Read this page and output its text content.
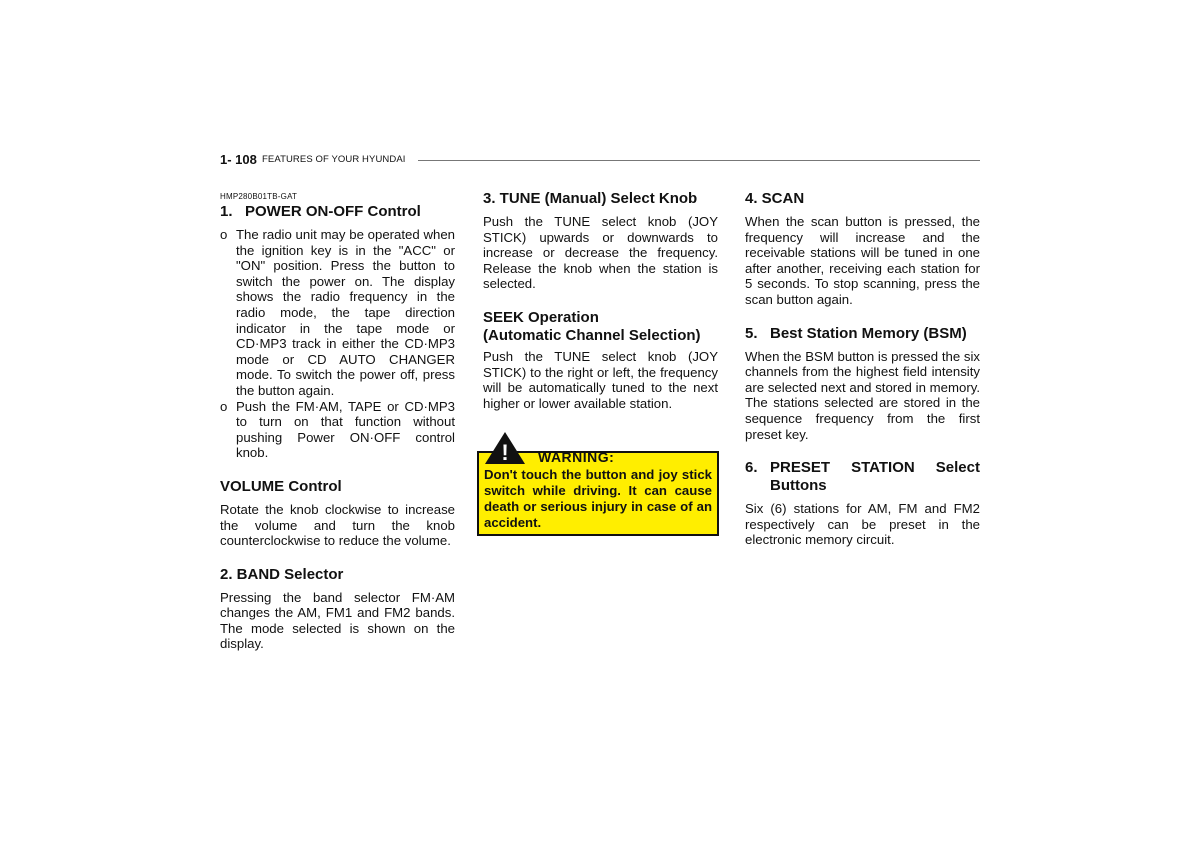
1- 108 FEATURES OF YOUR HYUNDAI
HMP280B01TB-GAT
1. POWER ON-OFF Control
o The radio unit may be operated when the ignition key is in the "ACC" or "ON" position. Press the button to switch the power on. The display shows the radio frequency in the radio mode, the tape direction indicator in the tape mode or CD·MP3 track in either the CD·MP3 mode or CD AUTO CHANGER mode. To switch the power off, press the button again.
o Push the FM·AM, TAPE or CD·MP3 to turn on that function without pushing Power ON·OFF control knob.
VOLUME Control

Rotate the knob clockwise to increase the volume and turn the knob counterclockwise to reduce the volume.

2. BAND Selector

Pressing the band selector FM·AM changes the AM, FM1 and FM2 bands. The mode selected is shown on the display.

3. TUNE (Manual) Select Knob

Push the TUNE select knob (JOY STICK) upwards or downwards to increase or decrease the frequency. Release the knob when the station is selected.

SEEK Operation
(Automatic Channel Selection)

Push the TUNE select knob (JOY STICK) to the right or left, the frequency will be automatically tuned to the next higher or lower available station.

! WARNING:
Don't touch the button and joy stick switch while driving. It can cause death or serious injury in case of an accident.
4. SCAN

When the scan button is pressed, the frequency will increase and the receivable stations will be tuned in one after another, receiving each station for 5 seconds. To stop scanning, press the scan button again.

5. Best Station Memory (BSM)

When the BSM button is pressed the six channels from the highest field intensity are selected next and stored in memory. The stations selected are stored in the sequence frequency from the first preset key.

6. PRESET STATION Select Buttons

Six (6) stations for AM, FM and FM2 respectively can be preset in the electronic memory circuit.
